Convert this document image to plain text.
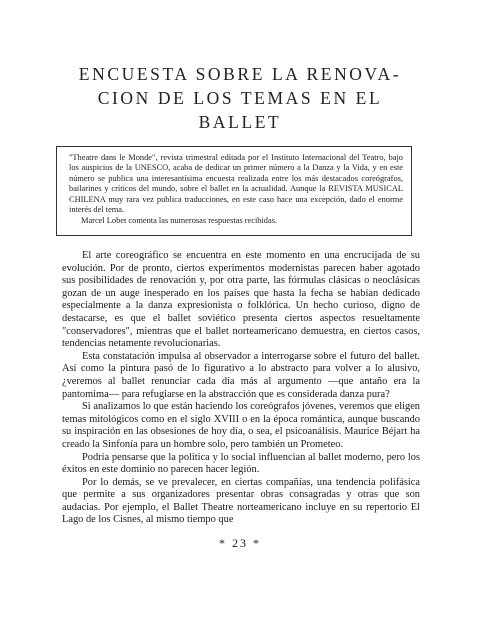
ENCUESTA SOBRE LA RENOVA-
CION DE LOS TEMAS EN EL
BALLET

"Theatre dans le Monde", revista trimestral editada por el Instituto Internacional del Teatro, bajo los auspicios de la UNESCO, acaba de dedicar un primer número a la Danza y la Vida, y en este número se publica una interesantísima encuesta realizada entre los más destacados coreógrafos, bailarines y críticos del mundo, sobre el ballet en la actualidad. Aunque la REVISTA MUSICAL CHILENA muy rara vez publica traducciones, en este caso hace una excepción, dado el enorme interés del tema.

Marcel Lobet comenta las numerosas respuestas recibidas.

El arte coreográfico se encuentra en este momento en una encrucijada de su evolución. Por de pronto, ciertos experimentos modernistas parecen haber agotado sus posibilidades de renovación y, por otra parte, las fórmulas clásicas o neoclásicas gozan de un auge inesperado en los países que hasta la fecha se habían dedicado especialmente a la danza expresionista o folklórica. Un hecho curioso, digno de destacarse, es que el ballet soviético presenta ciertos aspectos resueltamente "conservadores", mientras que el ballet norteamericano demuestra, en ciertos casos, tendencias netamente revolucionarias.

Esta constatación impulsa al observador a interrogarse sobre el futuro del ballet. Así como la pintura pasó de lo figurativo a lo abstracto para volver a lo alusivo, ¿veremos al ballet renunciar cada día más al argumento —que antaño era la pantomima— para refugiarse en la abstracción que es considerada danza pura?

Si analizamos lo que están haciendo los coreógrafos jóvenes, veremos que eligen temas mitológicos como en el siglo XVIII o en la época romántica, aunque buscando su inspiración en las obsesiones de hoy día, o sea, el psicoanálisis. Maurice Béjart ha creado la Sinfonía para un hombre solo, pero también un Prometeo.

Podría pensarse que la política y lo social influencian al ballet moderno, pero los éxitos en este dominio no parecen hacer legión.

Por lo demás, se ve prevalecer, en ciertas compañías, una tendencia polifásica que permite a sus organizadores presentar obras consagradas y otras que son audacias. Por ejemplo, el Ballet Theatre norteamericano incluye en su repertorio El Lago de los Cisnes, al mismo tiempo que

* 23 *
